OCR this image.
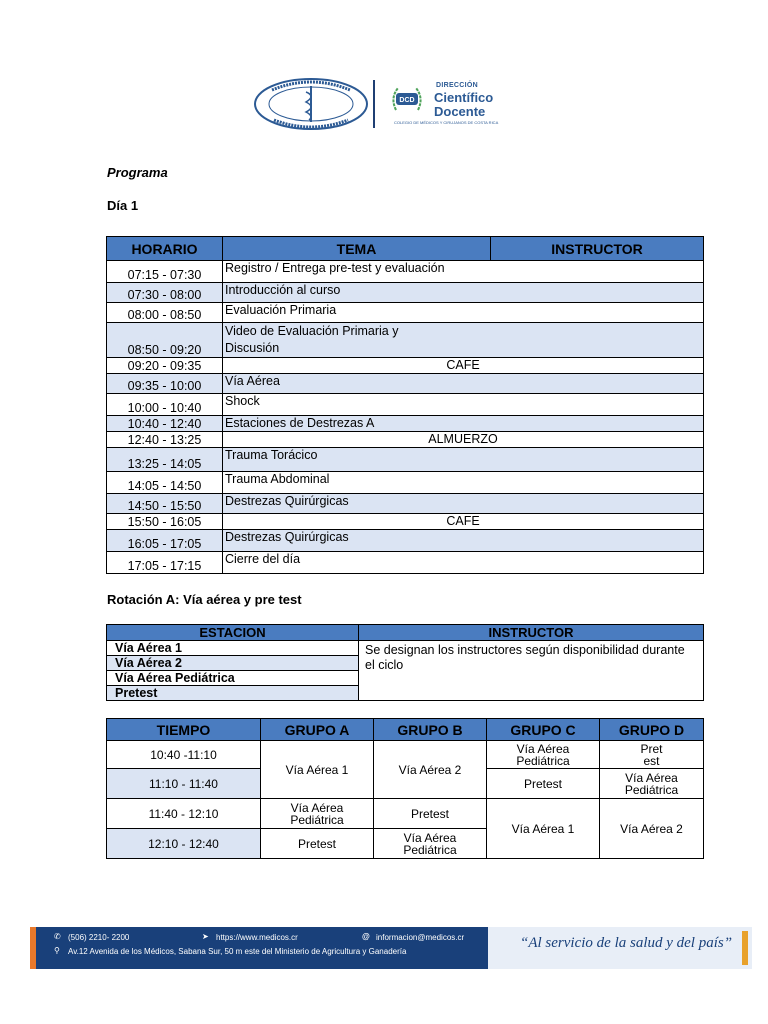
DCD
DIRECCIÓN
Científico
Docente
COLEGIO DE MÉDICOS Y CIRUJANOS DE COSTA RICA
Programa
Día 1
HORARIO	TEMA	INSTRUCTOR
07:15 - 07:30	Registro / Entrega pre-test y evaluación	
07:30 - 08:00	Introducción al curso	
08:00 - 08:50	Evaluación Primaria	
08:50 - 09:20	Video de Evaluación Primaria y Discusión	
09:20 - 09:35	CAFE	
09:35 - 10:00	Vía Aérea	
10:00 - 10:40	Shock	
10:40 - 12:40	Estaciones de Destrezas A	
12:40 - 13:25	ALMUERZO	
13:25 - 14:05	Trauma Torácico	
14:05 - 14:50	Trauma Abdominal	
14:50 - 15:50	Destrezas Quirúrgicas	
15:50 - 16:05	CAFE	
16:05 - 17:05	Destrezas Quirúrgicas	
17:05 - 17:15	Cierre del día	
Rotación A: Vía aérea y pre test
ESTACION	INSTRUCTOR
Vía Aérea 1	Se designan los instructores según disponibilidad durante el ciclo
Vía Aérea 2	
Vía Aérea Pediátrica	
Pretest	
TIEMPO	GRUPO A	GRUPO B	GRUPO C	GRUPO D
10:40 -11:10	Vía Aérea 1	Vía Aérea 2	Vía Aérea Pediátrica	Pret est
11:10 - 11:40			Pretest	Vía Aérea Pediátrica
11:40 - 12:10	Vía Aérea Pediátrica	Pretest	Vía Aérea 1	Vía Aérea 2
12:10 - 12:40	Pretest	Vía Aérea Pediátrica		
✆ (506) 2210- 2200	➤ https://www.medicos.cr	@ informacion@medicos.cr
⚲ Av.12 Avenida de los Médicos, Sabana Sur, 50 m este del Ministerio de Agricultura y Ganadería
“Al servicio de la salud y del país”
